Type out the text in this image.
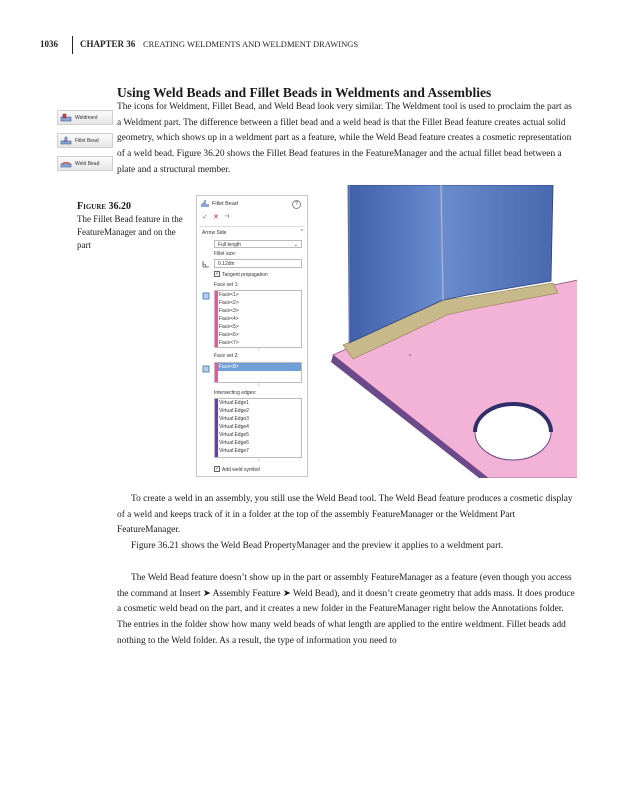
1036 CHAPTER 36 CREATING WELDMENTS AND WELDMENT DRAWINGS
Using Weld Beads and Fillet Beads in Weldments and Assemblies
Weldment
Fillet Bead
Weld Bead

The icons for Weldment, Fillet Bead, and Weld Bead look very similar. The Weldment tool is used to proclaim the part as a Weldment part. The difference between a fillet bead and a weld bead is that the Fillet Bead feature creates actual solid geometry, which shows up in a weldment part as a feature, while the Weld Bead feature creates a cosmetic representation of a weld bead. Figure 36.20 shows the Fillet Bead features in the FeatureManager and the actual fillet bead between a plate and a structural member.

Figure 36.20
The Fillet Bead feature in the FeatureManager and on the part
Fillet Bead	?
✓ ✕ ⊣
Arrow Side	^
Full length	⌄
Fillet size:
0.12din
✓ Tangent propagation
Face set 1:
Face<1>
Face<2>
Face<3>
Face<4>
Face<5>
Face<6>
Face<7>
○
Face set 2:
Face<8>
○
Intersecting edges:
Virtual Edge1
Virtual Edge2
Virtual Edge3
Virtual Edge4
Virtual Edge5
Virtual Edge6
Virtual Edge7
○
✓ Add weld symbol

To create a weld in an assembly, you still use the Weld Bead tool. The Weld Bead feature produces a cosmetic display of a weld and keeps track of it in a folder at the top of the assembly FeatureManager or the Weldment Part FeatureManager.

Figure 36.21 shows the Weld Bead PropertyManager and the preview it applies to a weldment part.

The Weld Bead feature doesn’t show up in the part or assembly FeatureManager as a feature (even though you access the command at Insert ➤ Assembly Feature ➤ Weld Bead), and it doesn’t create geometry that adds mass. It does produce a cosmetic weld bead on the part, and it creates a new folder in the FeatureManager right below the Annotations folder. The entries in the folder show how many weld beads of what length are applied to the entire weldment. Fillet beads add nothing to the Weld folder. As a result, the type of information you need to
